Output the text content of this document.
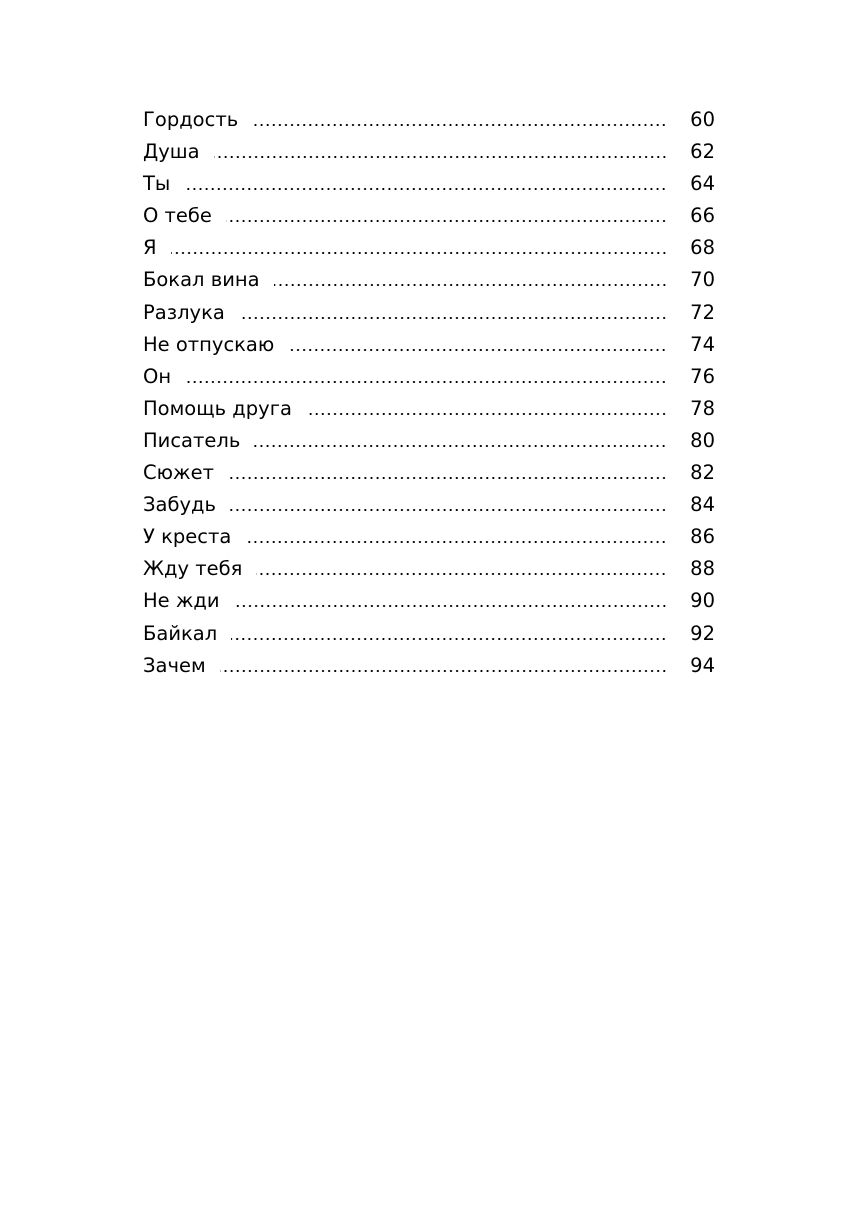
Гордость	60
Душа	62
Ты	64
О тебе	66
Я	68
Бокал вина	70
Разлука	72
Не отпускаю	74
Он	76
Помощь друга	78
Писатель	80
Сюжет	82
Забудь	84
У креста	86
Жду тебя	88
Не жди	90
Байкал	92
Зачем	94
